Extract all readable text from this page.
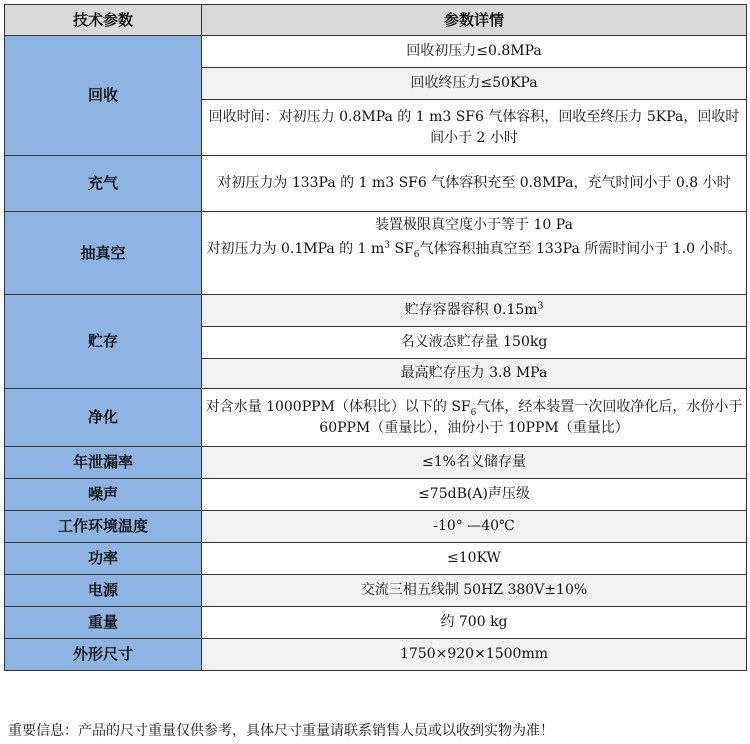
技术参数	参数详情
回收	回收初压力≤0.8MPa
	回收终压力≤50KPa
	回收时间：对初压力 0.8MPa 的 1 m3 SF6 气体容积，回收至终压力 5KPa，回收时间小于 2 小时
充气	对初压力为 133Pa 的 1 m3 SF6 气体容积充至 0.8MPa，充气时间小于 0.8 小时
抽真空	装置极限真空度小于等于 10 Pa
	对初压力为 0.1MPa 的 1 $m^3$ $SF_6$气体容积抽真空至 133Pa 所需时间小于 1.0 小时。
贮存	贮存容器容积 $0.15m^3$
	名义液态贮存量 150kg
	最高贮存压力 3.8 MPa
净化	对含水量 1000PPM（体积比）以下的 $SF_6$气体，经本装置一次回收净化后，水份小于 60PPM（重量比），油份小于 10PPM（重量比）
年泄漏率	≤1%名义储存量
噪声	≤75dB(A)声压级
工作环境温度	-10° —40℃
功率	≤10KW
电源	交流三相五线制 50HZ 380V±10%
重量	约 700 kg
外形尺寸	1750×920×1500mm
重要信息：产品的尺寸重量仅供参考，具体尺寸重量请联系销售人员或以收到实物为准！
